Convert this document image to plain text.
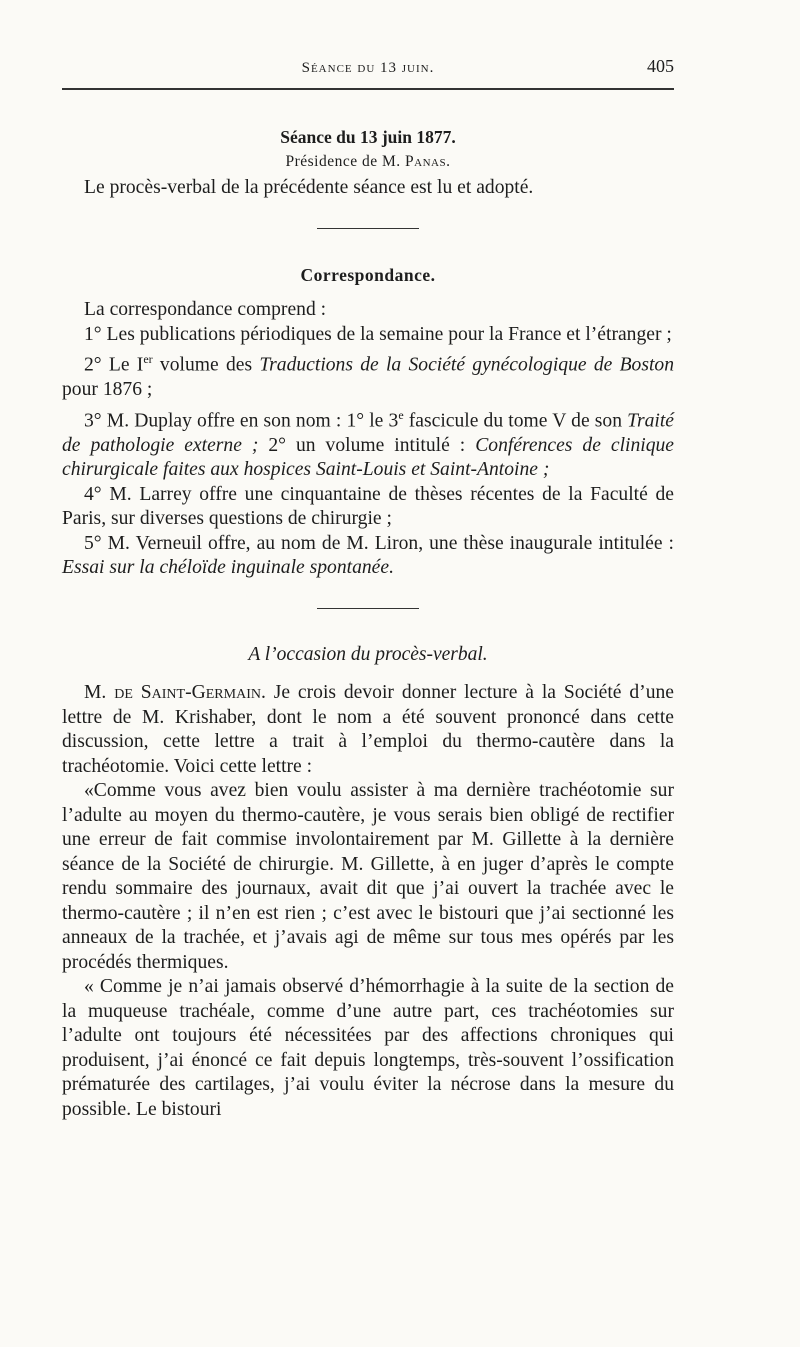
Séance du 13 juin.	405
Séance du 13 juin 1877.
Présidence de M. Panas.

Le procès-verbal de la précédente séance est lu et adopté.

Correspondance.

La correspondance comprend :

1° Les publications périodiques de la semaine pour la France et l’étranger ;

2° Le Ier volume des Traductions de la Société gynécologique de Boston pour 1876 ;

3° M. Duplay offre en son nom : 1° le 3e fascicule du tome V de son Traité de pathologie externe ; 2° un volume intitulé : Conférences de clinique chirurgicale faites aux hospices Saint-Louis et Saint-Antoine ;

4° M. Larrey offre une cinquantaine de thèses récentes de la Faculté de Paris, sur diverses questions de chirurgie ;

5° M. Verneuil offre, au nom de M. Liron, une thèse inaugurale intitulée : Essai sur la chéloïde inguinale spontanée.

A l’occasion du procès-verbal.

M. de Saint-Germain. Je crois devoir donner lecture à la Société d’une lettre de M. Krishaber, dont le nom a été souvent prononcé dans cette discussion, cette lettre a trait à l’emploi du thermo-cautère dans la trachéotomie. Voici cette lettre :

«Comme vous avez bien voulu assister à ma dernière trachéotomie sur l’adulte au moyen du thermo-cautère, je vous serais bien obligé de rectifier une erreur de fait commise involontairement par M. Gillette à la dernière séance de la Société de chirurgie. M. Gillette, à en juger d’après le compte rendu sommaire des journaux, avait dit que j’ai ouvert la trachée avec le thermo-cautère ; il n’en est rien ; c’est avec le bistouri que j’ai sectionné les anneaux de la trachée, et j’avais agi de même sur tous mes opérés par les procédés thermiques.

« Comme je n’ai jamais observé d’hémorrhagie à la suite de la section de la muqueuse trachéale, comme d’une autre part, ces trachéotomies sur l’adulte ont toujours été nécessitées par des affections chroniques qui produisent, j’ai énoncé ce fait depuis longtemps, très-souvent l’ossification prématurée des cartilages, j’ai voulu éviter la nécrose dans la mesure du possible. Le bistouri
